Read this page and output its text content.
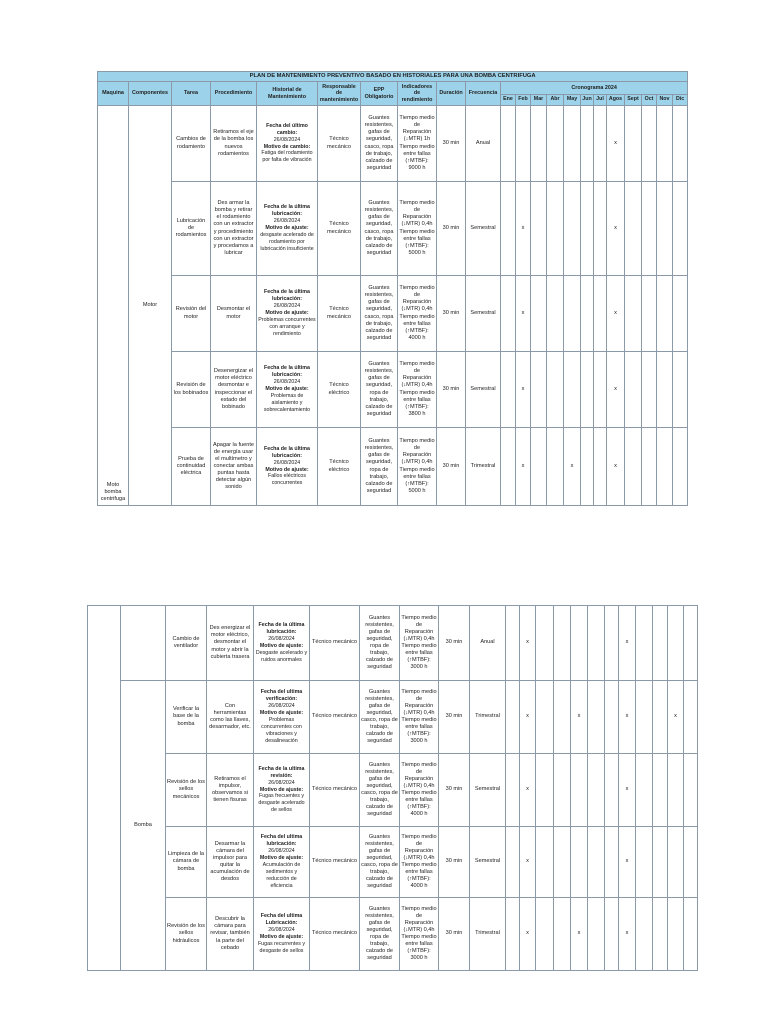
PLAN DE MANTENIMIENTO PREVENTIVO BASADO EN HISTORIALES PARA UNA BOMBA CENTRIFUGA																					
Maquina	Componentes	Tarea	Procedimiento	Historial de Mantenimiento	Responsable de mantenimiento	EPP Obligatorio	Indicadores de rendimiento	Duración	Frecuencia	Cronograma 2024											
										Ene	Feb	Mar	Abr	May	Jun	Jul	Agos	Sept	Oct	Nov	Dic
Moto bomba centrifuga	Motor	Cambios de rodamiento	Retiramos el eje de la bomba los nuevos rodamientos	Fecha del último cambio:
26/08/2024
Motivo de cambio:
Fatiga del rodamiento por falta de vibración	Técnico mecánico	Guantes resistentes, gafas de seguridad, casco, ropa de trabajo, calzado de seguridad	Tiempo medio de Reparación (↓MTR) 1h Tiempo medio entre fallas (↑MTBF): 9000 h	30 min	Anual								x				
		Lubricación de rodamientos	Des armar la bomba y retirar el rodamiento con un extractor y procedimiento con un extractor y procedamos a lubricar	Fecha de la última lubricación:
26/08/2024
Motivo de ajuste:
desgaste acelerado de rodamiento por lubricación insuficiente	Técnico mecánico	Guantes resistentes, gafas de seguridad, casco, ropa de trabajo, calzado de seguridad	Tiempo medio de Reparación (↓MTR) 0,4h Tiempo medio entre fallas (↑MTBF): 5000 h	30 min	Semestral		x						x				
		Revisión del motor	Desmontar el motor	Fecha de la última lubricación:
26/08/2024
Motivo de ajuste:
Problemas concurrentes con arranque y rendimiento	Técnico mecánico	Guantes resistentes, gafas de seguridad, casco, ropa de trabajo, calzado de seguridad	Tiempo medio de Reparación (↓MTR) 0,4h Tiempo medio entre fallas (↑MTBF): 4000 h	30 min	Semestral		x						x				
		Revisión de los bobinados	Desenergizar el motor eléctrico desmontar e inspeccionar el estado del bobinado	Fecha de la última lubricación:
26/08/2024
Motivo de ajuste:
Problemas de aislamiento y sobrecalentamiento	Técnico eléctrico	Guantes resistentes, gafas de seguridad, ropa de trabajo, calzado de seguridad	Tiempo medio de Reparación (↓MTR) 0,4h Tiempo medio entre fallas (↑MTBF): 3800 h	30 min	Semestral		x						x				
		Prueba de continuidad eléctrica	Apagar la fuente de energía usar el multímetro y conectar ambas puntas hasta detectar algún sonido	Fecha de la última lubricación:
26/08/2024
Motivo de ajuste:
Fallos eléctricos concurrentes	Técnico eléctrico	Guantes resistentes, gafas de seguridad, ropa de trabajo, calzado de seguridad	Tiempo medio de Reparación (↓MTR) 0,4h Tiempo medio entre fallas (↑MTBF): 5000 h	30 min	Trimestral		x			x			x				
		Cambio de ventilador	Des energizar el motor eléctrico, desmontar el motor y abrir la cubierta trasera	Fecha de la última lubricación:
26/08/2024
Motivo de ajuste:
Desgaste acelerado y ruidos anormales	Técnico mecánico	Guantes resistentes, gafas de seguridad, ropa de trabajo, calzado de seguridad	Tiempo medio de Reparación (↓MTR) 0,4h Tiempo medio entre fallas (↑MTBF): 3000 h	30 min	Anual		x						x				
	Bomba	Verificar la base de la bomba	Con herramientas como las llaves, desarmador, etc.	Fecha del ultima verificación:
26/08/2024
Motivo de ajuste:
Problemas concurrentes con vibraciones y desalineación	Técnico mecánico	Guantes resistentes, gafas de seguridad, casco, ropa de trabajo, calzado de seguridad	Tiempo medio de Reparación (↓MTR) 0,4h Tiempo medio entre fallas (↑MTBF): 3000 h	30 min	Trimestral		x			x			x			x	
		Revisión de los sellos mecánicos	Retiramos el impulsor, observamos si tienen fisuras	Fecha de la ultima revisión:
26/08/2024
Motivo de ajuste:
Fugas frecuentes y desgaste acelerado de sellos	Técnico mecánico	Guantes resistentes, gafas de seguridad, casco, ropa de trabajo, calzado de seguridad	Tiempo medio de Reparación (↓MTR) 0,4h Tiempo medio entre fallas (↑MTBF): 4000 h	30 min	Semestral		x						x				
		Limpieza de la cámara de bomba	Desarmar la cámara del impulsor para quitar la acumulación de desdos	Fecha del ultima lubricación:
26/08/2024
Motivo de ajuste:
Acumulación de sedimentos y reducción de eficiencia	Técnico mecánico	Guantes resistentes, gafas de seguridad, casco, ropa de trabajo, calzado de seguridad	Tiempo medio de Reparación (↓MTR) 0,4h Tiempo medio entre fallas (↑MTBF): 4000 h	30 min	Semestral		x						x				
		Revisión de los sellos hidráulicos	Descubrir la cámara para revisar, también la parte del cebado	Fecha del ultima Lubricación:
26/08/2024
Motivo de ajuste:
Fugas recurrentes y desgaste de sellos	Técnico mecánico	Guantes resistentes, gafas de seguridad, ropa de trabajo, calzado de seguridad	Tiempo medio de Reparación (↓MTR) 0,4h Tiempo medio entre fallas (↑MTBF): 3000 h	30 min	Trimestral		x			x			x				
